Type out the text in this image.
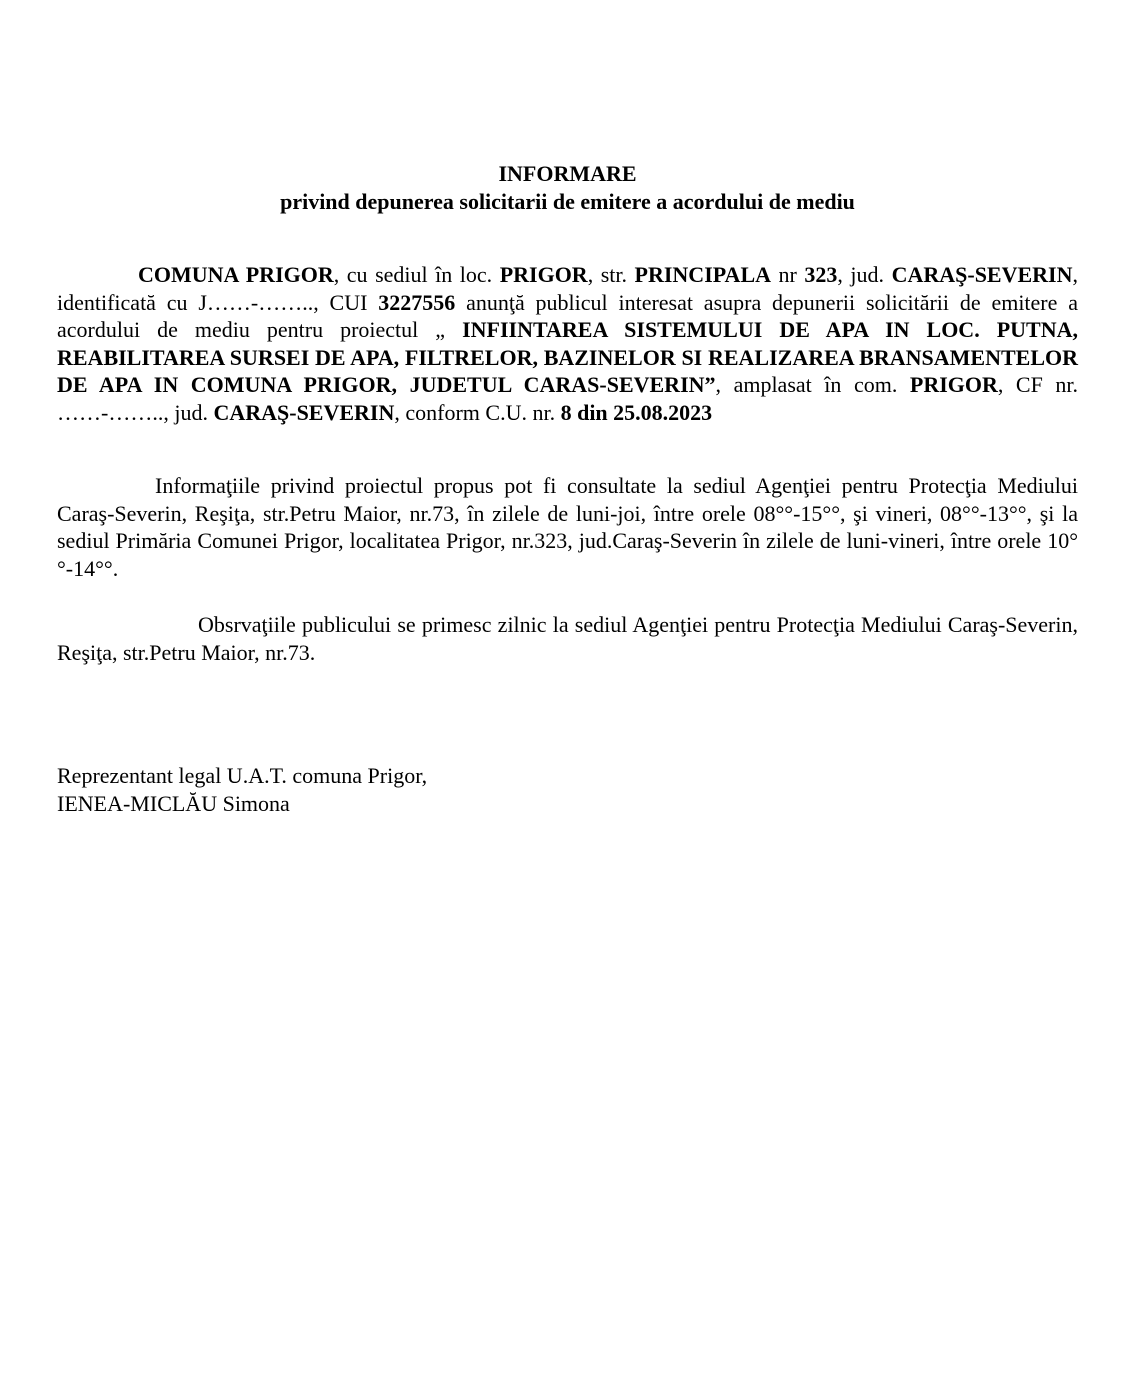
INFORMARE
privind depunerea solicitarii de emitere a acordului de mediu

COMUNA PRIGOR, cu sediul în loc. PRIGOR, str. PRINCIPALA nr 323, jud. CARAŞ-SEVERIN, identificată cu J……-…….., CUI 3227556 anunţă publicul interesat asupra depunerii solicitării de emitere a acordului de mediu pentru proiectul „ INFIINTAREA SISTEMULUI DE APA IN LOC. PUTNA, REABILITAREA SURSEI DE APA, FILTRELOR, BAZINELOR SI REALIZAREA BRANSAMENTELOR DE APA IN COMUNA PRIGOR, JUDETUL CARAS-SEVERIN”, amplasat în com. PRIGOR, CF nr. ……-…….., jud. CARAŞ-SEVERIN, conform C.U. nr. 8 din 25.08.2023

Informaţiile privind proiectul propus pot fi consultate la sediul Agenţiei pentru Protecţia Mediului Caraş-Severin, Reşiţa, str.Petru Maior, nr.73, în zilele de luni-joi, între orele 08°°-15°°, şi vineri, 08°°-13°°, şi la sediul Primăria Comunei Prigor, localitatea Prigor, nr.323, jud.Caraş-Severin în zilele de luni-vineri, între orele 10°°-14°°.

Obsrvaţiile publicului se primesc zilnic la sediul Agenţiei pentru Protecţia Mediului Caraş-Severin, Reşiţa, str.Petru Maior, nr.73.

Reprezentant legal U.A.T. comuna Prigor,
IENEA-MICLĂU Simona
